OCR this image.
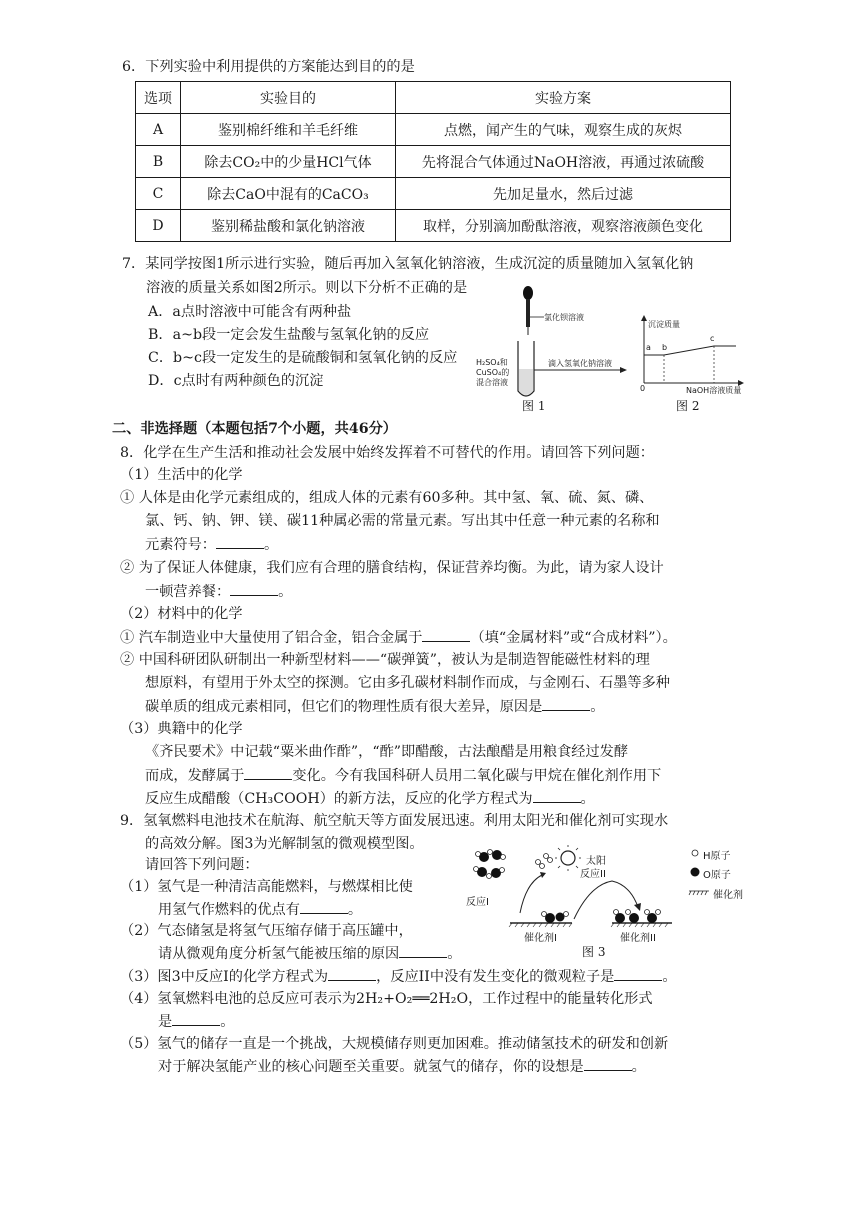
6．下列实验中利用提供的方案能达到目的的是
选项	实验目的	实验方案
A	鉴别棉纤维和羊毛纤维	点燃，闻产生的气味，观察生成的灰烬
B	除去CO₂中的少量HCl气体	先将混合气体通过NaOH溶液，再通过浓硫酸
C	除去CaO中混有的CaCO₃	先加足量水，然后过滤
D	鉴别稀盐酸和氯化钠溶液	取样，分别滴加酚酞溶液，观察溶液颜色变化
7．某同学按图1所示进行实验，随后再加入氢氧化钠溶液，生成沉淀的质量随加入氢氧化钠
溶液的质量关系如图2所示。则以下分析不正确的是
A．a点时溶液中可能含有两种盐
B．a~b段一定会发生盐酸与氢氧化钠的反应
C．b~c段一定发生的是硫酸铜和氢氧化钠的反应
D．c点时有两种颜色的沉淀
氯化钡溶液
H₂SO₄和
CuSO₄的
混合溶液
滴入氢氧化钠溶液
图 1
沉淀质量
a b
c
0	NaOH溶液质量
图 2
二、非选择题（本题包括7个小题，共46分）
8．化学在生产生活和推动社会发展中始终发挥着不可替代的作用。请回答下列问题：
（1）生活中的化学
① 人体是由化学元素组成的，组成人体的元素有60多种。其中氢、氧、硫、氮、磷、
氯、钙、钠、钾、镁、碳11种属必需的常量元素。写出其中任意一种元素的名称和
元素符号：	。
② 为了保证人体健康，我们应有合理的膳食结构，保证营养均衡。为此，请为家人设计
一顿营养餐：	。
（2）材料中的化学
① 汽车制造业中大量使用了铝合金，铝合金属于	（填“金属材料”或“合成材料”）。
② 中国科研团队研制出一种新型材料——“碳弹簧”，被认为是制造智能磁性材料的理
想原料，有望用于外太空的探测。它由多孔碳材料制作而成，与金刚石、石墨等多种
碳单质的组成元素相同，但它们的物理性质有很大差异，原因是	。
（3）典籍中的化学
《齐民要术》中记载“粟米曲作酢”，“酢”即醋酸，古法酿醋是用粮食经过发酵
而成，发酵属于	变化。今有我国科研人员用二氧化碳与甲烷在催化剂作用下
反应生成醋酸（CH₃COOH）的新方法，反应的化学方程式为	。
9．氢氧燃料电池技术在航海、航空航天等方面发展迅速。利用太阳光和催化剂可实现水
的高效分解。图3为光解制氢的微观模型图。
请回答下列问题：
（1）氢气是一种清洁高能燃料，与燃煤相比使
用氢气作燃料的优点有	。
（2）气态储氢是将氢气压缩存储于高压罐中，
请从微观角度分析氢气能被压缩的原因	。
（3）图3中反应I的化学方程式为	，反应II中没有发生变化的微观粒子是	。
（4）氢氧燃料电池的总反应可表示为2H₂+O₂══2H₂O，工作过程中的能量转化形式
是	。
（5）氢气的储存一直是一个挑战，大规模储存则更加困难。推动储氢技术的研发和创新
对于解决氢能产业的核心问题至关重要。就氢气的储存，你的设想是	。
太阳	H原子
O原子
催化剂
反应I
反应II
催化剂I	催化剂II
图 3
